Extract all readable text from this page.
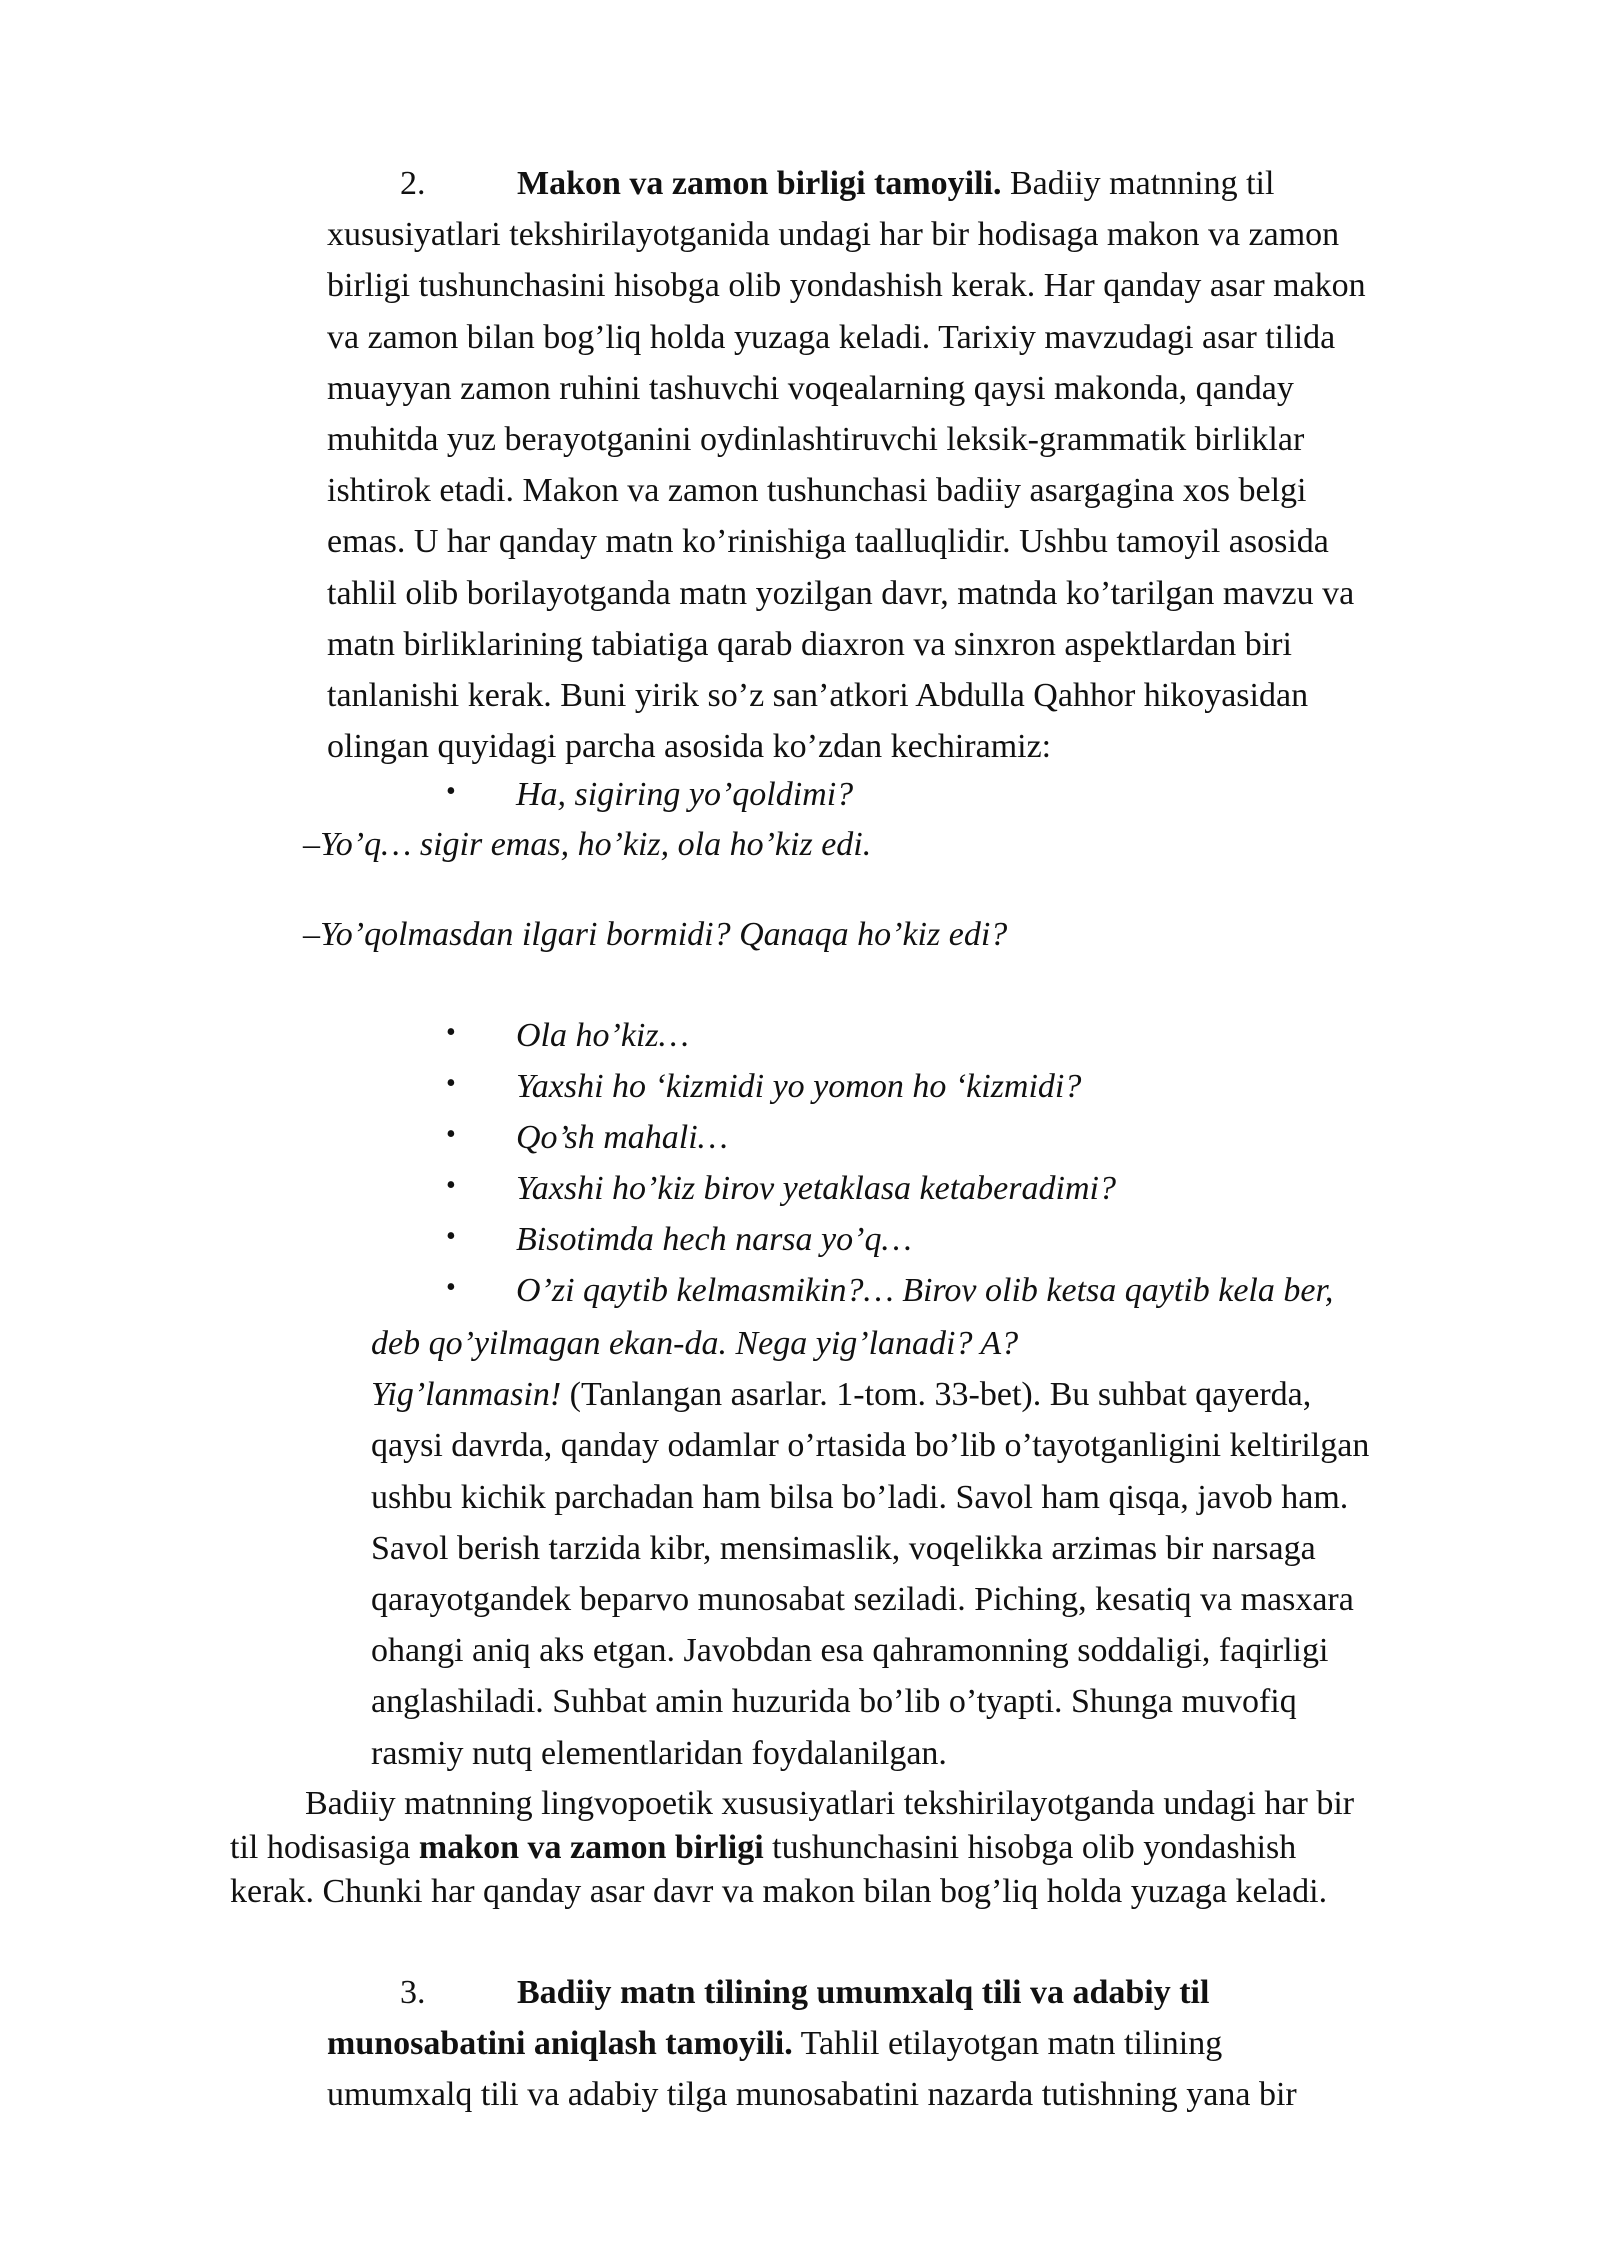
2.	Makon va zamon birligi tamoyili. Badiiy matnning til
xususiyatlari tekshirilayotganida undagi har bir hodisaga makon va zamon
birligi tushunchasini hisobga olib yondashish kerak. Har qanday asar makon
va zamon bilan bog’liq holda yuzaga keladi. Tarixiy mavzudagi asar tilida
muayyan zamon ruhini tashuvchi voqealarning qaysi makonda, qanday
muhitda yuz berayotganini oydinlashtiruvchi leksik-grammatik birliklar
ishtirok etadi. Makon va zamon tushunchasi badiiy asargagina xos belgi
emas. U har qanday matn ko’rinishiga taalluqlidir. Ushbu tamoyil asosida
tahlil olib borilayotganda matn yozilgan davr, matnda ko’tarilgan mavzu va
matn birliklarining tabiatiga qarab diaxron va sinxron aspektlardan biri
tanlanishi kerak. Buni yirik so’z san’atkori Abdulla Qahhor hikoyasidan
olingan quyidagi parcha asosida ko’zdan kechiramiz:
• Ha, sigiring yo’qoldimi?
–Yo’q… sigir emas, ho’kiz, ola ho’kiz edi.
–Yo’qolmasdan ilgari bormidi? Qanaqa ho’kiz edi?
• Ola ho’kiz…
• Yaxshi ho ‘kizmidi yo yomon ho ‘kizmidi?
• Qo’sh mahali…
• Yaxshi ho’kiz birov yetaklasa ketaberadimi?
• Bisotimda hech narsa yo’q…
• O’zi qaytib kelmasmikin?… Birov olib ketsa qaytib kela ber,
deb qo’yilmagan ekan-da. Nega yig’lanadi? A?
Yig’lanmasin! (Tanlangan asarlar. 1-tom. 33-bet). Bu suhbat qayerda,
qaysi davrda, qanday odamlar o’rtasida bo’lib o’tayotganligini keltirilgan
ushbu kichik parchadan ham bilsa bo’ladi. Savol ham qisqa, javob ham.
Savol berish tarzida kibr, mensimaslik, voqelikka arzimas bir narsaga
qarayotgandek beparvo munosabat seziladi. Piching, kesatiq va masxara
ohangi aniq aks etgan. Javobdan esa qahramonning soddaligi, faqirligi
anglashiladi. Suhbat amin huzurida bo’lib o’tyapti. Shunga muvofiq
rasmiy nutq elementlaridan foydalanilgan.
Badiiy matnning lingvopoetik xususiyatlari tekshirilayotganda undagi har bir
til hodisasiga makon va zamon birligi tushunchasini hisobga olib yondashish
kerak. Chunki har qanday asar davr va makon bilan bog’liq holda yuzaga keladi.
3.	Badiiy matn tilining umumxalq tili va adabiy til
munosabatini aniqlash tamoyili. Tahlil etilayotgan matn tilining
umumxalq tili va adabiy tilga munosabatini nazarda tutishning yana bir
